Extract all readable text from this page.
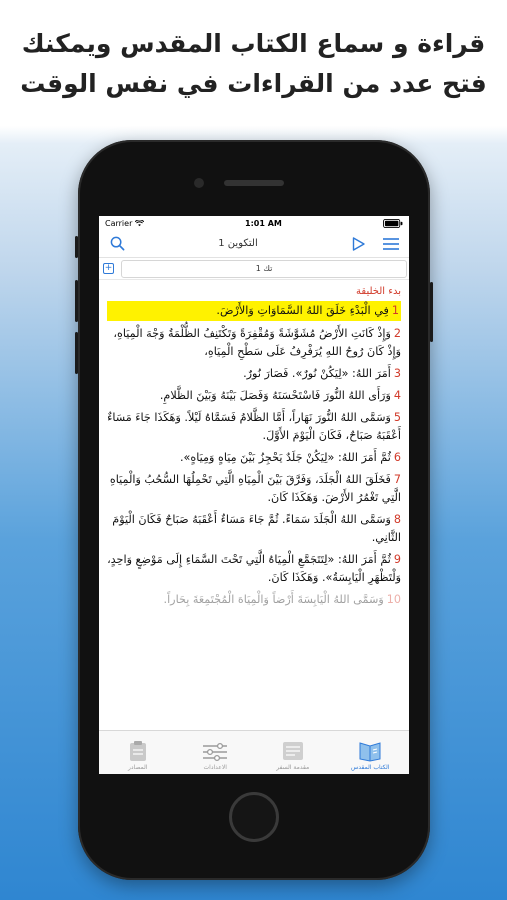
قراءة و سماع الكتاب المقدس ويمكنك
فتح عدد من القراءات في نفس الوقت
Carrier	1:01 AM
التكوين 1
+	تك 1
بدء الخليقة
1فِي الْبَدْءِ خَلَقَ اللهُ السَّمَاوَاتِ وَالأَرْضَ.
2وَإِذْ كَانَتِ الأَرْضُ مُشَوَّشَةً وَمُقْفِرَةً وَتَكْتَنِفُ الظُّلْمَةُ وَجْهَ الْمِيَاهِ، وَإِذْ كَانَ رُوحُ اللهِ يُرَفْرِفُ عَلَى سَطْحِ الْمِيَاهِ،
3أَمَرَ اللهُ: «لِيَكُنْ نُورٌ». فَصَارَ نُورٌ.
4وَرَأَى اللهُ النُّورَ فَاسْتَحْسَنَهُ وَفَصَلَ بَيْنَهُ وَبَيْنَ الظَّلامِ.
5وَسَمَّى اللهُ النُّورَ نَهَاراً، أَمَّا الظَّلامُ فَسَمَّاهُ لَيْلاً. وَهَكَذَا جَاءَ مَسَاءٌ أَعْقَبَهُ صَبَاحٌ، فَكَانَ الْيَوْمَ الأَوَّلَ.
6ثُمَّ أَمَرَ اللهُ: «لِيَكُنْ جَلَدٌ يَحْجِزُ بَيْنَ مِيَاهٍ وَمِيَاهٍ».
7فَخَلَقَ اللهُ الْجَلَدَ، وَفَرَّقَ بَيْنَ الْمِيَاهِ الَّتِي تَحْمِلُهَا السُّحُبُ وَالْمِيَاهِ الَّتِي تَغْمُرُ الأَرْضَ. وَهَكَذَا كَانَ.
8وَسَمَّى اللهُ الْجَلَدَ سَمَاءً. ثُمَّ جَاءَ مَسَاءٌ أَعْقَبَهُ صَبَاحٌ فَكَانَ الْيَوْمَ الثَّانِي.
9ثُمَّ أَمَرَ اللهُ: «لِتَتَجَمَّعِ الْمِيَاهُ الَّتِي تَحْتَ السَّمَاءِ إِلَى مَوْضِعٍ وَاحِدٍ، وَلْتَظْهَرِ الْيَابِسَةُ». وَهَكَذَا كَانَ.
10وَسَمَّى اللهُ الْيَابِسَةَ أَرْضاً وَالْمِيَاهَ الْمُجْتَمِعَةَ بِحَاراً.
المصادر	الاعدادات	مقدمة السفر	الكتاب المقدس
